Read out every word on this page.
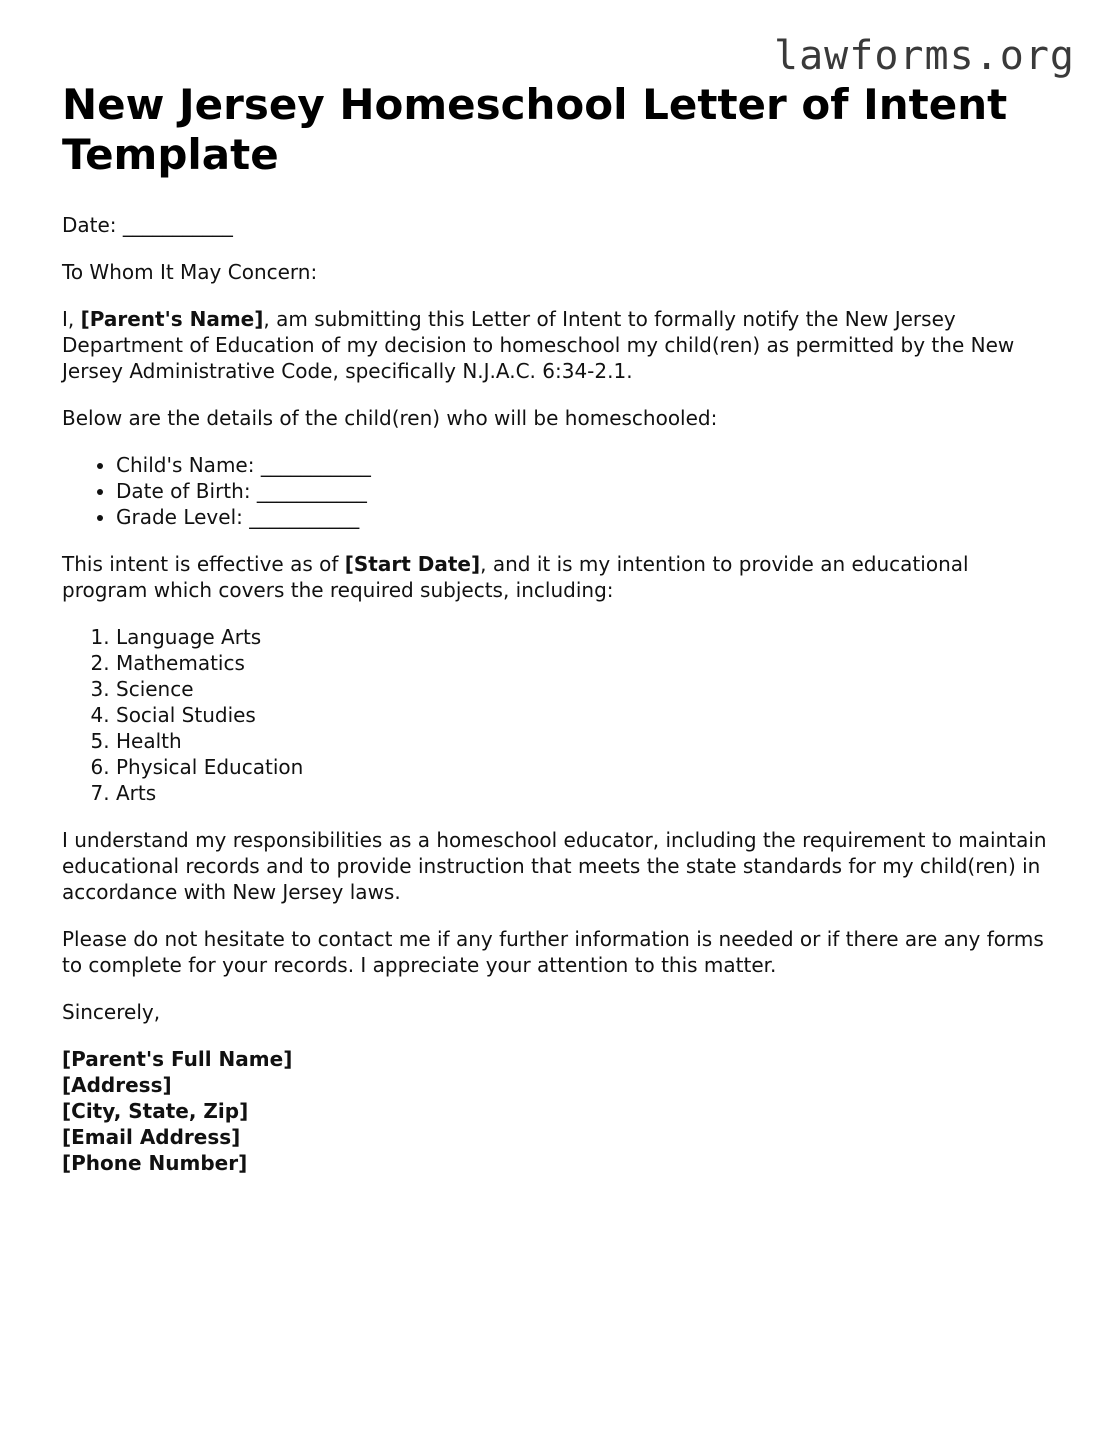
lawforms.org
New Jersey Homeschool Letter of Intent Template

Date: ___________

To Whom It May Concern:

I, [Parent's Name], am submitting this Letter of Intent to formally notify the New Jersey Department of Education of my decision to homeschool my child(ren) as permitted by the New Jersey Administrative Code, specifically N.J.A.C. 6:34-2.1.

Below are the details of the child(ren) who will be homeschooled:

• Child's Name: ___________
• Date of Birth: ___________
• Grade Level: ___________

This intent is effective as of [Start Date], and it is my intention to provide an educational program which covers the required subjects, including:

1. Language Arts
2. Mathematics
3. Science
4. Social Studies
5. Health
6. Physical Education
7. Arts

I understand my responsibilities as a homeschool educator, including the requirement to maintain educational records and to provide instruction that meets the state standards for my child(ren) in accordance with New Jersey laws.

Please do not hesitate to contact me if any further information is needed or if there are any forms to complete for your records. I appreciate your attention to this matter.

Sincerely,

[Parent's Full Name]
[Address]
[City, State, Zip]
[Email Address]
[Phone Number]
